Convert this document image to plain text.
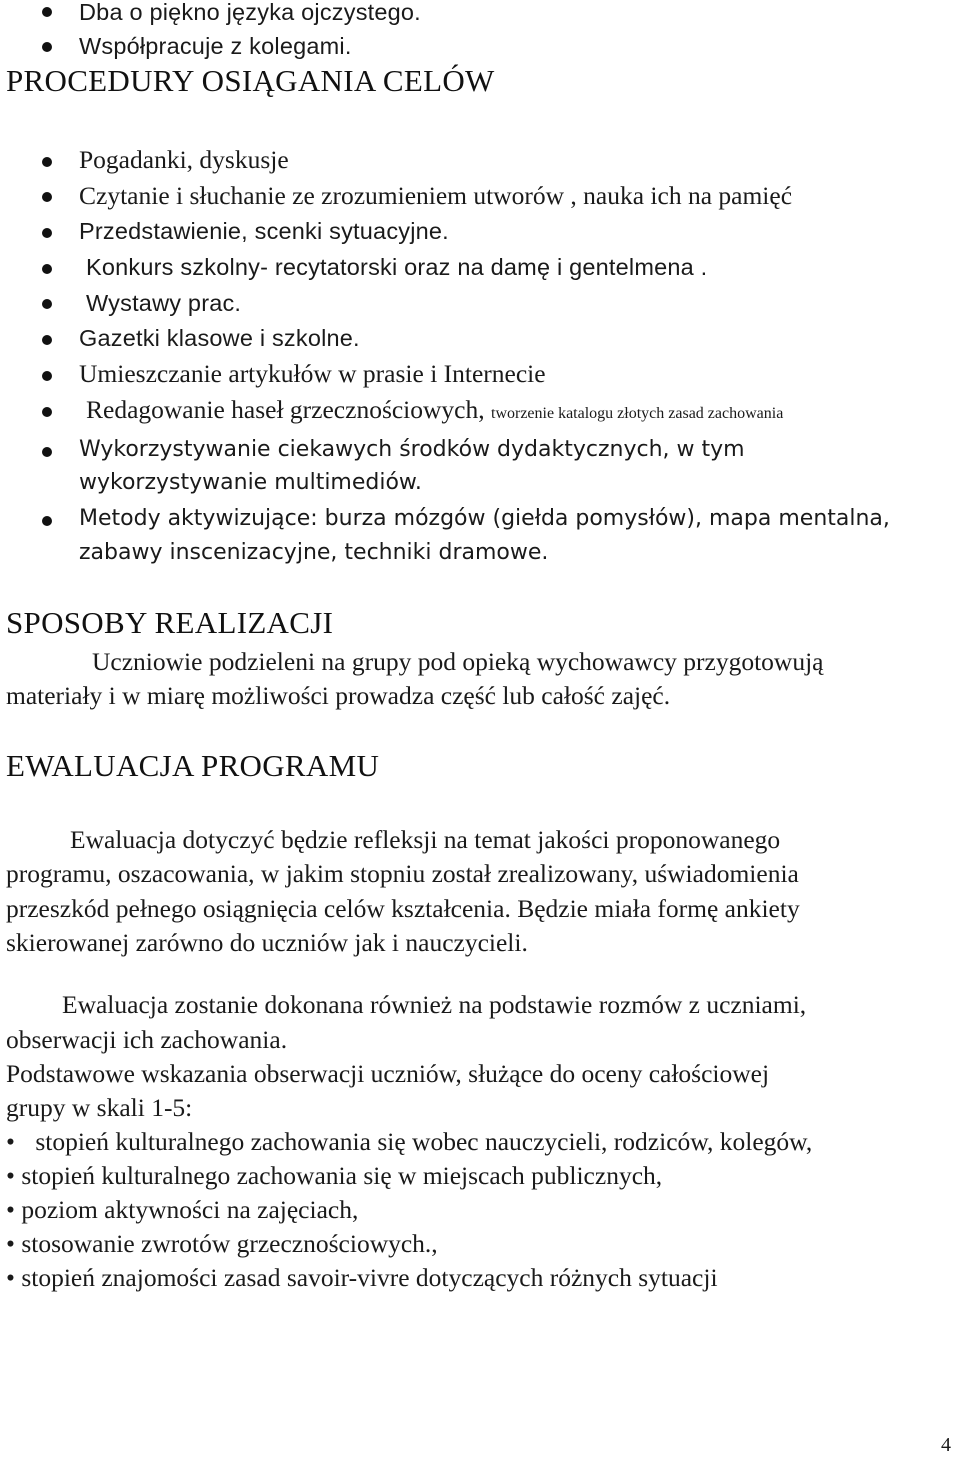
Dba o piękno języka ojczystego.
Współpracuje z kolegami.
PROCEDURY OSIĄGANIA CELÓW
Pogadanki, dyskusje
Czytanie i słuchanie ze zrozumieniem utworów , nauka ich na pamięć
Przedstawienie, scenki sytuacyjne.
Konkurs szkolny- recytatorski oraz na damę i gentelmena .
Wystawy prac.
Gazetki klasowe i szkolne.
Umieszczanie artykułów w prasie i Internecie
Redagowanie haseł grzecznościowych, tworzenie katalogu złotych zasad zachowania
Wykorzystywanie ciekawych środków dydaktycznych, w tym
wykorzystywanie multimediów.
Metody aktywizujące: burza mózgów (giełda pomysłów), mapa mentalna,
zabawy inscenizacyjne, techniki dramowe.
SPOSOBY REALIZACJI
Uczniowie podzieleni na grupy pod opieką wychowawcy przygotowują
materiały i w miarę możliwości prowadza część lub całość zajęć.
EWALUACJA PROGRAMU
Ewaluacja dotyczyć będzie refleksji na temat jakości proponowanego
programu, oszacowania, w jakim stopniu został zrealizowany, uświadomienia
przeszkód pełnego osiągnięcia celów kształcenia. Będzie miała formę ankiety
skierowanej zarówno do uczniów jak i nauczycieli.
Ewaluacja zostanie dokonana również na podstawie rozmów z uczniami,
obserwacji ich zachowania.
Podstawowe wskazania obserwacji uczniów, służące do oceny całościowej
grupy w skali 1-5:
• stopień kulturalnego zachowania się wobec nauczycieli, rodziców, kolegów,
• stopień kulturalnego zachowania się w miejscach publicznych,
• poziom aktywności na zajęciach,
• stosowanie zwrotów grzecznościowych.,
• stopień znajomości zasad savoir-vivre dotyczących różnych sytuacji
4
